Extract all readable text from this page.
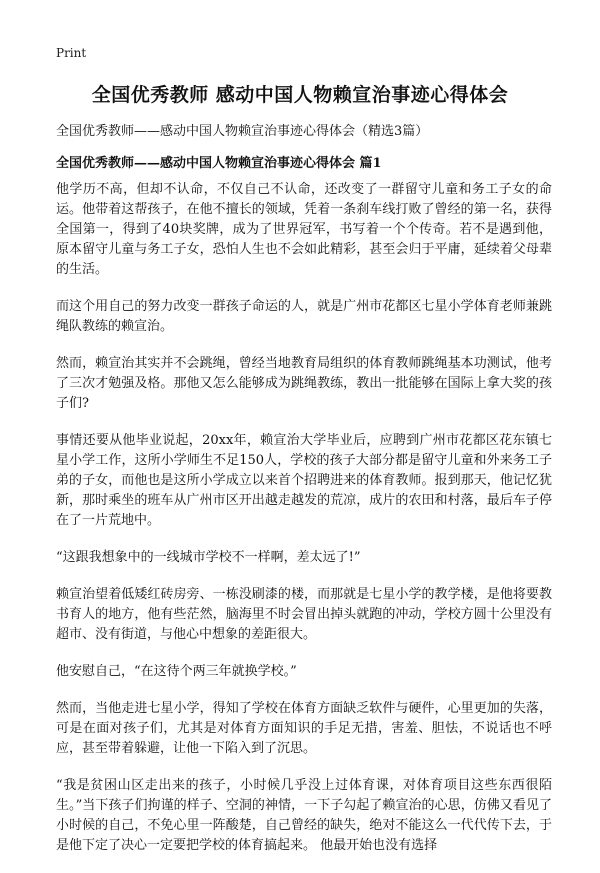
Print
全国优秀教师 感动中国人物赖宣治事迹心得体会

全国优秀教师——感动中国人物赖宣治事迹心得体会（精选3篇）

全国优秀教师——感动中国人物赖宣治事迹心得体会 篇1

他学历不高，但却不认命，不仅自己不认命，还改变了一群留守儿童和务工子女的命运。他带着这帮孩子，在他不擅长的领域，凭着一条刹车线打败了曾经的第一名，获得全国第一，得到了40块奖牌，成为了世界冠军，书写着一个个传奇。若不是遇到他，原本留守儿童与务工子女，恐怕人生也不会如此精彩，甚至会归于平庸，延续着父母辈的生活。

而这个用自己的努力改变一群孩子命运的人，就是广州市花都区七星小学体育老师兼跳绳队教练的赖宣治。

然而，赖宣治其实并不会跳绳，曾经当地教育局组织的体育教师跳绳基本功测试，他考了三次才勉强及格。那他又怎么能够成为跳绳教练，教出一批能够在国际上拿大奖的孩子们?

事情还要从他毕业说起，20xx年，赖宣治大学毕业后，应聘到广州市花都区花东镇七星小学工作，这所小学师生不足150人，学校的孩子大部分都是留守儿童和外来务工子弟的子女，而他也是这所小学成立以来首个招聘进来的体育教师。报到那天，他记忆犹新，那时乘坐的班车从广州市区开出越走越发的荒凉，成片的农田和村落，最后车子停在了一片荒地中。

“这跟我想象中的一线城市学校不一样啊，差太远了!”

赖宣治望着低矮红砖房旁、一栋没刷漆的楼，而那就是七星小学的教学楼，是他将要教书育人的地方，他有些茫然，脑海里不时会冒出掉头就跑的冲动，学校方圆十公里没有超市、没有街道，与他心中想象的差距很大。

他安慰自己，“在这待个两三年就换学校。”

然而，当他走进七星小学，得知了学校在体育方面缺乏软件与硬件，心里更加的失落，可是在面对孩子们，尤其是对体育方面知识的手足无措，害羞、胆怯，不说话也不呼应，甚至带着躲避，让他一下陷入到了沉思。

“我是贫困山区走出来的孩子，小时候几乎没上过体育课，对体育项目这些东西很陌生。”当下孩子们拘谨的样子、空洞的神情，一下子勾起了赖宣治的心思，仿佛又看见了小时候的自己，不免心里一阵酸楚，自己曾经的缺失，绝对不能这么一代代传下去，于是他下定了决心一定要把学校的体育搞起来。 他最开始也没有选择
